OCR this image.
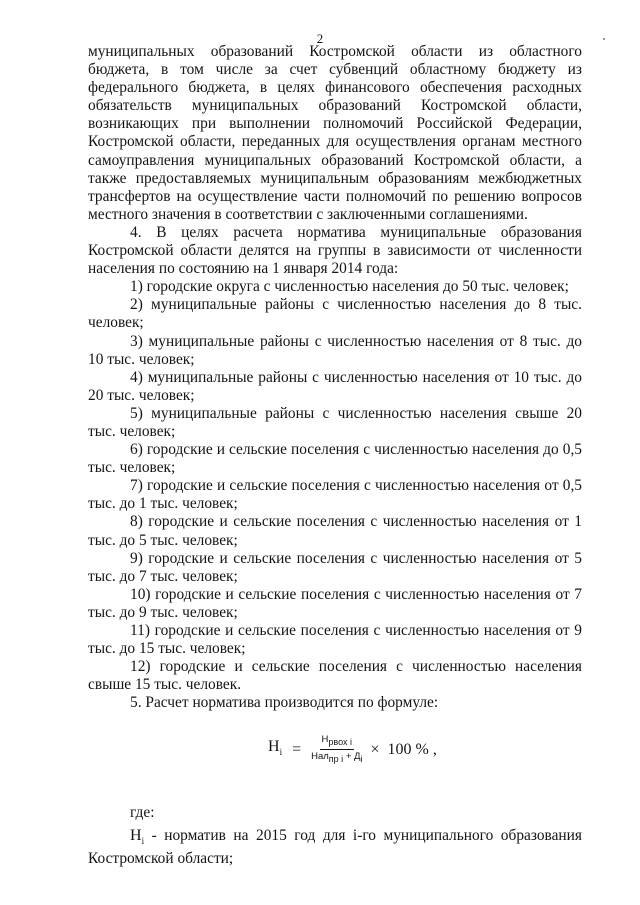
2

муниципальных образований Костромской области из областного бюджета, в том числе за счет субвенций областному бюджету из федерального бюджета, в целях финансового обеспечения расходных обязательств муниципальных образований Костромской области, возникающих при выполнении полномочий Российской Федерации, Костромской области, переданных для осуществления органам местного самоуправления муниципальных образований Костромской области, а также предоставляемых муниципальным образованиям межбюджетных трансфертов на осуществление части полномочий по решению вопросов местного значения в соответствии с заключенными соглашениями.

4. В целях расчета норматива муниципальные образования Костромской области делятся на группы в зависимости от численности населения по состоянию на 1 января 2014 года:

1) городские округа с численностью населения до 50 тыс. человек;

2) муниципальные районы с численностью населения до 8 тыс. человек;

3) муниципальные районы с численностью населения от 8 тыс. до 10 тыс. человек;

4) муниципальные районы с численностью населения от 10 тыс. до 20 тыс. человек;

5) муниципальные районы с численностью населения свыше 20 тыс. человек;

6) городские и сельские поселения с численностью населения до 0,5 тыс. человек;

7) городские и сельские поселения с численностью населения от 0,5 тыс. до 1 тыс. человек;

8) городские и сельские поселения с численностью населения от 1 тыс. до 5 тыс. человек;

9) городские и сельские поселения с численностью населения от 5 тыс. до 7 тыс. человек;

10) городские и сельские поселения с численностью населения от 7 тыс. до 9 тыс. человек;

11) городские и сельские поселения с численностью населения от 9 тыс. до 15 тыс. человек;

12) городские и сельские поселения с численностью населения свыше 15 тыс. человек.

5. Расчет норматива производится по формуле:

$Н_i = \frac{Н_{рвох i}}{Нал_{пр i} + Д_i} \times 100$ % ,

где:

$Н_i$ - норматив на 2015 год для i-го муниципального образования Костромской области;
